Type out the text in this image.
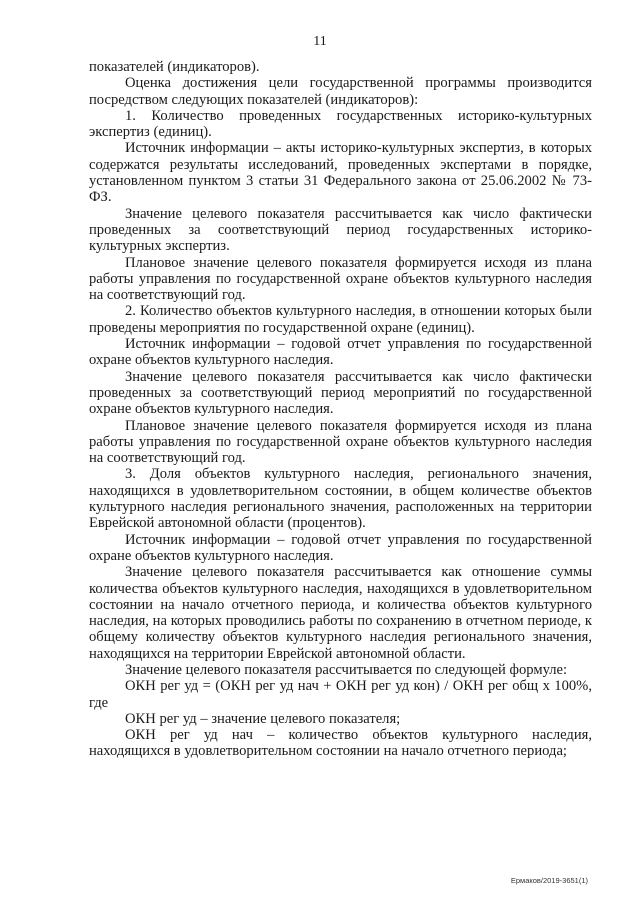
11

показателей (индикаторов).

Оценка достижения цели государственной программы производится посредством следующих показателей (индикаторов):

1. Количество проведенных государственных историко-культурных экспертиз (единиц).

Источник информации – акты историко-культурных экспертиз, в которых содержатся результаты исследований, проведенных экспертами в порядке, установленном пунктом 3 статьи 31 Федерального закона от 25.06.2002 № 73-ФЗ.

Значение целевого показателя рассчитывается как число фактически проведенных за соответствующий период государственных историко-культурных экспертиз.

Плановое значение целевого показателя формируется исходя из плана работы управления по государственной охране объектов культурного наследия на соответствующий год.

2. Количество объектов культурного наследия, в отношении которых были проведены мероприятия по государственной охране (единиц).

Источник информации – годовой отчет управления по государственной охране объектов культурного наследия.

Значение целевого показателя рассчитывается как число фактически проведенных за соответствующий период мероприятий по государственной охране объектов культурного наследия.

Плановое значение целевого показателя формируется исходя из плана работы управления по государственной охране объектов культурного наследия на соответствующий год.

3. Доля объектов культурного наследия, регионального значения, находящихся в удовлетворительном состоянии, в общем количестве объектов культурного наследия регионального значения, расположенных на территории Еврейской автономной области (процентов).

Источник информации – годовой отчет управления по государственной охране объектов культурного наследия.

Значение целевого показателя рассчитывается как отношение суммы количества объектов культурного наследия, находящихся в удовлетворительном состоянии на начало отчетного периода, и количества объектов культурного наследия, на которых проводились работы по сохранению в отчетном периоде, к общему количеству объектов культурного наследия регионального значения, находящихся на территории Еврейской автономной области.

Значение целевого показателя рассчитывается по следующей формуле:

ОКН рег уд = (ОКН рег уд нач + ОКН рег уд кон) / ОКН рег общ x 100%, где

ОКН рег уд – значение целевого показателя;

ОКН рег уд нач – количество объектов культурного наследия, находящихся в удовлетворительном состоянии на начало отчетного периода;

Ермаков/2019-3651(1)
